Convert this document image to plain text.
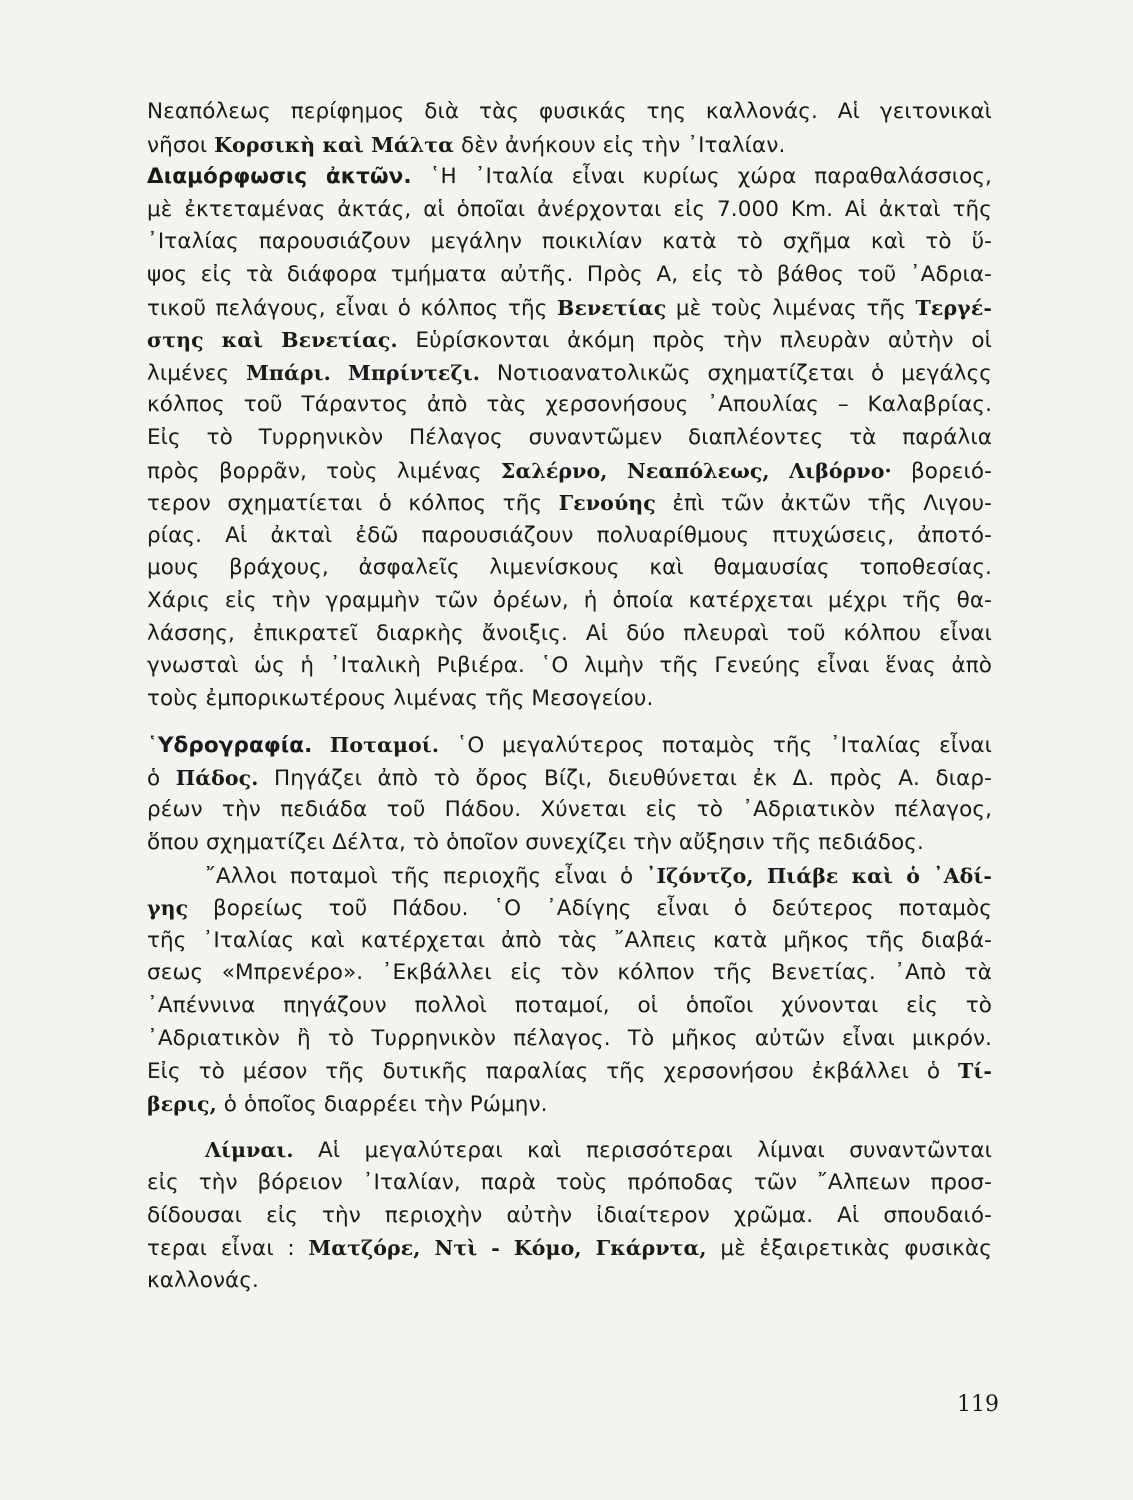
Νεαπόλεως περίφημος διὰ τὰς φυσικάς της καλλονάς. Αἱ γειτονικαὶ
νῆσοι Κορσικὴ καὶ Μάλτα δὲν ἀνήκουν εἰς τὴν ᾿Ιταλίαν.
Διαμόρφωσις ἀκτῶν. ῾Η ᾿Ιταλία εἶναι κυρίως χώρα παραθαλάσσιος,
μὲ ἐκτεταμένας ἀκτάς, αἱ ὁποῖαι ἀνέρχονται εἰς 7.000 Km. Αἱ ἀκταὶ τῆς
᾿Ιταλίας παρουσιάζουν μεγάλην ποικιλίαν κατὰ τὸ σχῆμα καὶ τὸ ὕ-
ψος εἰς τὰ διάφορα τμήματα αὐτῆς. Πρὸς Α, εἰς τὸ βάθος τοῦ ᾿Αδρια-
τικοῦ πελάγους, εἶναι ὁ κόλπος τῆς Βενετίας μὲ τοὺς λιμένας τῆς Τεργέ-
στης καὶ Βενετίας. Εὑρίσκονται ἀκόμη πρὸς τὴν πλευρὰν αὐτὴν οἱ
λιμένες Μπάρι. Μπρίντεζι. Νοτιοανατολικῶς σχηματίζεται ὁ μεγάλςς
κόλπος τοῦ Τάραντος ἀπὸ τὰς χερσονήσους ᾿Απουλίας – Καλαβρίας.
Εἰς τὸ Τυρρηνικὸν Πέλαγος συναντῶμεν διαπλέοντες τὰ παράλια
πρὸς βορρᾶν, τοὺς λιμένας Σαλέρνο, Νεαπόλεως, Λιβόρνο· βορειό-
τερον σχηματίεται ὁ κόλπος τῆς Γενούης ἐπὶ τῶν ἀκτῶν τῆς Λιγου-
ρίας. Αἱ ἀκταὶ ἐδῶ παρουσιάζουν πολυαρίθμους πτυχώσεις, ἀποτό-
μους βράχους, ἀσφαλεῖς λιμενίσκους καὶ θαμαυσίας τοποθεσίας.
Χάρις εἰς τὴν γραμμὴν τῶν ὀρέων, ἡ ὁποία κατέρχεται μέχρι τῆς θα-
λάσσης, ἐπικρατεῖ διαρκὴς ἄνοιξις. Αἱ δύο πλευραὶ τοῦ κόλπου εἶναι
γνωσταὶ ὡς ἡ ᾿Ιταλικὴ Ριβιέρα. ῾Ο λιμὴν τῆς Γενεύης εἶναι ἕνας ἀπὸ
τοὺς ἐμπορικωτέρους λιμένας τῆς Μεσογείου.
῾Υδρογραφία. Ποταμοί. ῾Ο μεγαλύτερος ποταμὸς τῆς ᾿Ιταλίας εἶναι
ὁ Πάδος. Πηγάζει ἀπὸ τὸ ὄρος Βίζι, διευθύνεται ἐκ Δ. πρὸς Α. διαρ-
ρέων τὴν πεδιάδα τοῦ Πάδου. Χύνεται εἰς τὸ ᾿Αδριατικὸν πέλαγος,
ὅπου σχηματίζει Δέλτα, τὸ ὁποῖον συνεχίζει τὴν αὔξησιν τῆς πεδιάδος.
῎Αλλοι ποταμοὶ τῆς περιοχῆς εἶναι ὁ ᾿Ιζόντζο, Πιάβε καὶ ὁ ᾿Αδί-
γης βορείως τοῦ Πάδου. ῾Ο ᾿Αδίγης εἶναι ὁ δεύτερος ποταμὸς
τῆς ᾿Ιταλίας καὶ κατέρχεται ἀπὸ τὰς ῎Αλπεις κατὰ μῆκος τῆς διαβά-
σεως «Μπρενέρο». ᾿Εκβάλλει εἰς τὸν κόλπον τῆς Βενετίας. ᾿Απὸ τὰ
᾿Απέννινα πηγάζουν πολλοὶ ποταμοί, οἱ ὁποῖοι χύνονται εἰς τὸ
᾿Αδριατικὸν ἢ τὸ Τυρρηνικὸν πέλαγος. Τὸ μῆκος αὐτῶν εἶναι μικρόν.
Εἰς τὸ μέσον τῆς δυτικῆς παραλίας τῆς χερσονήσου ἐκβάλλει ὁ Τί-
βερις, ὁ ὁποῖος διαρρέει τὴν Ρώμην.
Λίμναι. Αἱ μεγαλύτεραι καὶ περισσότεραι λίμναι συναντῶνται
εἰς τὴν βόρειον ᾿Ιταλίαν, παρὰ τοὺς πρόποδας τῶν ῎Αλπεων προσ-
δίδουσαι εἰς τὴν περιοχὴν αὐτὴν ἰδιαίτερον χρῶμα. Αἱ σπουδαιό-
τεραι εἶναι : Ματζόρε, Ντὶ - Κόμο, Γκάρντα, μὲ ἐξαιρετικὰς φυσικὰς
καλλονάς.
119
